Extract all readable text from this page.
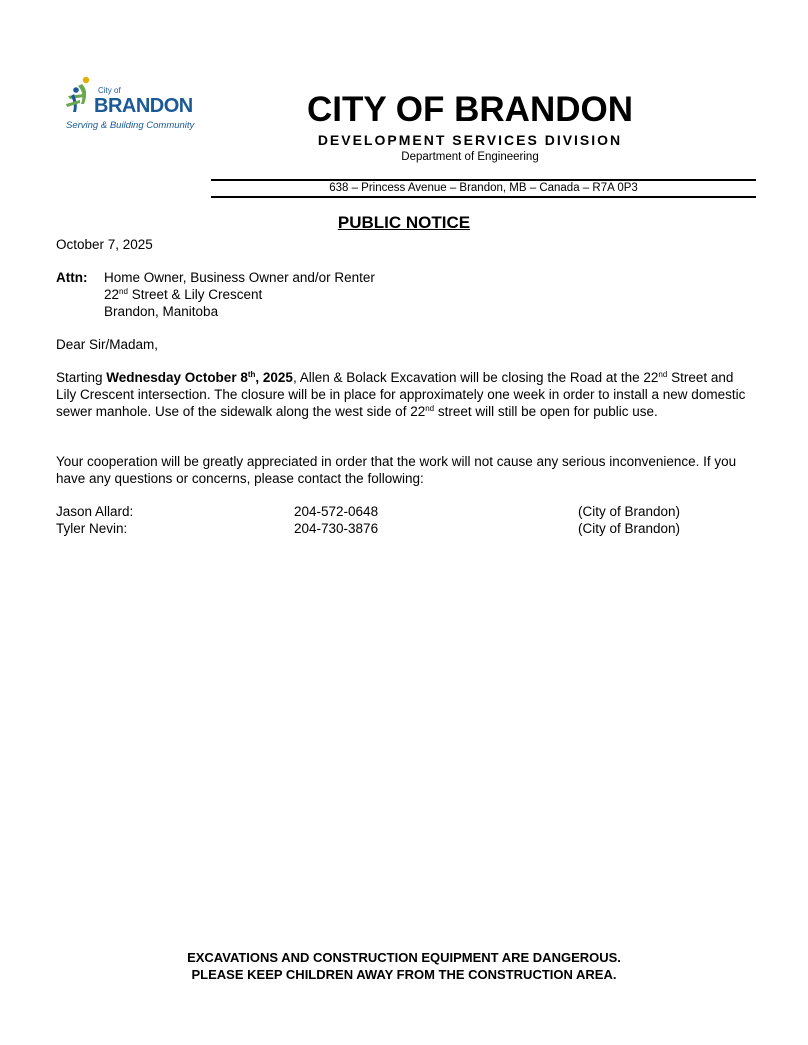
City of
BRANDON
Serving & Building Community	CITY OF BRANDON
DEVELOPMENT SERVICES DIVISION
Department of Engineering
638 – Princess Avenue – Brandon, MB – Canada – R7A 0P3
PUBLIC NOTICE
October 7, 2025
Attn: Home Owner, Business Owner and/or Renter
22nd Street & Lily Crescent
Brandon, Manitoba
Dear Sir/Madam,
Starting Wednesday October 8th, 2025, Allen & Bolack Excavation will be closing the Road at the 22nd Street and Lily Crescent intersection. The closure will be in place for approximately one week in order to install a new domestic sewer manhole. Use of the sidewalk along the west side of 22nd street will still be open for public use.
Your cooperation will be greatly appreciated in order that the work will not cause any serious inconvenience. If you have any questions or concerns, please contact the following:
Jason Allard:	204-572-0648	(City of Brandon)
Tyler Nevin:	204-730-3876	(City of Brandon)
EXCAVATIONS AND CONSTRUCTION EQUIPMENT ARE DANGEROUS.
PLEASE KEEP CHILDREN AWAY FROM THE CONSTRUCTION AREA.
